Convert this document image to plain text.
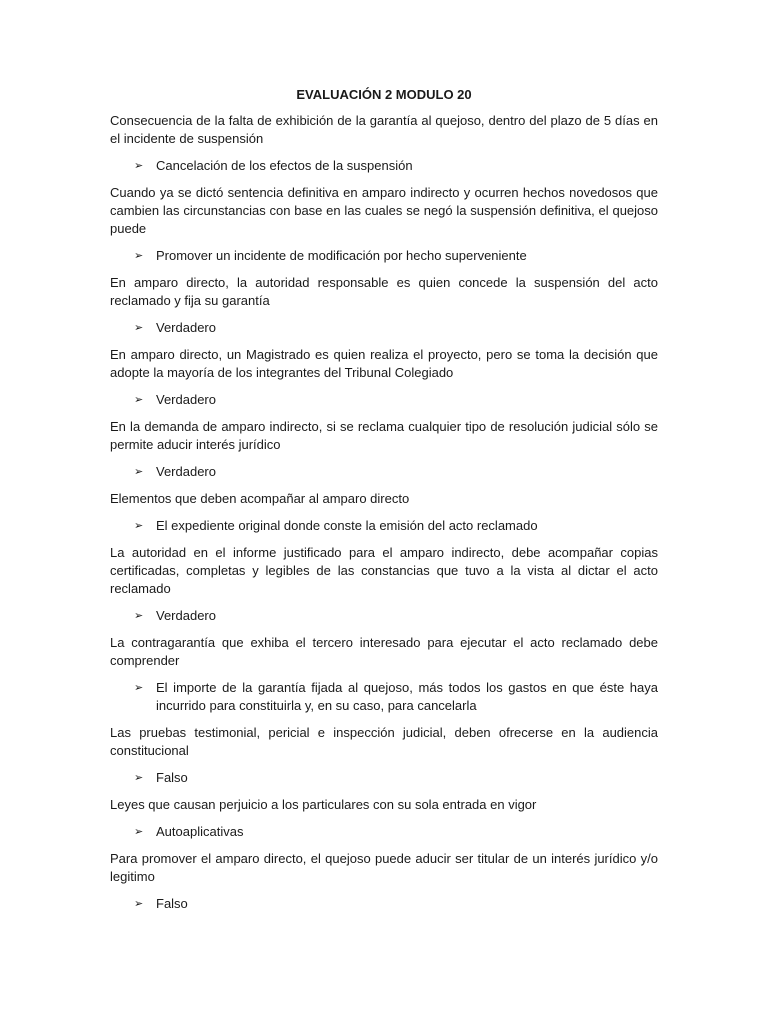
EVALUACIÓN 2 MODULO 20
Consecuencia de la falta de exhibición de la garantía al quejoso, dentro del plazo de 5 días en el incidente de suspensión
➢ Cancelación de los efectos de la suspensión
Cuando ya se dictó sentencia definitiva en amparo indirecto y ocurren hechos novedosos que cambien las circunstancias con base en las cuales se negó la suspensión definitiva, el quejoso puede
➢ Promover un incidente de modificación por hecho superveniente
En amparo directo, la autoridad responsable es quien concede la suspensión del acto reclamado y fija su garantía
➢ Verdadero
En amparo directo, un Magistrado es quien realiza el proyecto, pero se toma la decisión que adopte la mayoría de los integrantes del Tribunal Colegiado
➢ Verdadero
En la demanda de amparo indirecto, si se reclama cualquier tipo de resolución judicial sólo se permite aducir interés jurídico
➢ Verdadero
Elementos que deben acompañar al amparo directo
➢ El expediente original donde conste la emisión del acto reclamado
La autoridad en el informe justificado para el amparo indirecto, debe acompañar copias certificadas, completas y legibles de las constancias que tuvo a la vista al dictar el acto reclamado
➢ Verdadero
La contragarantía que exhiba el tercero interesado para ejecutar el acto reclamado debe comprender
➢ El importe de la garantía fijada al quejoso, más todos los gastos en que éste haya incurrido para constituirla y, en su caso, para cancelarla
Las pruebas testimonial, pericial e inspección judicial, deben ofrecerse en la audiencia constitucional
➢ Falso
Leyes que causan perjuicio a los particulares con su sola entrada en vigor
➢ Autoaplicativas
Para promover el amparo directo, el quejoso puede aducir ser titular de un interés jurídico y/o legitimo
➢ Falso
